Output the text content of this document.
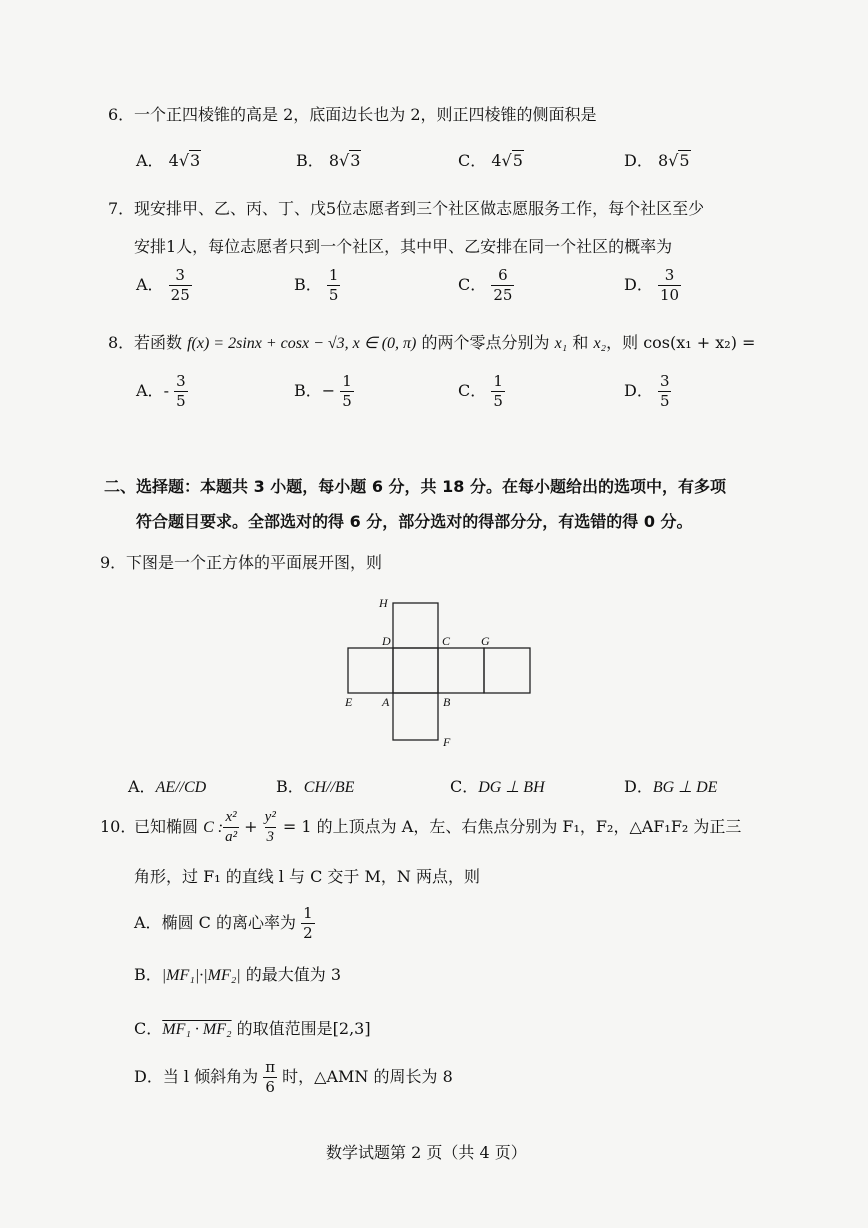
6．一个正四棱锥的高是 2，底面边长也为 2，则正四棱锥的侧面积是
A． 4√3	B． 8√3	C． 4√5	D． 8√5
7．现安排甲、乙、丙、丁、戊5位志愿者到三个社区做志愿服务工作，每个社区至少
安排1人，每位志愿者只到一个社区，其中甲、乙安排在同一个社区的概率为
A． $\frac{3}{25}$	B． $\frac{1}{5}$	C． $\frac{6}{25}$	D． $\frac{3}{10}$
8．若函数 f(x) = 2sinx + cosx − √3, x ∈ (0, π) 的两个零点分别为 x₁ 和 x₂，则 cos(x₁ + x₂) =
A．- $\frac{3}{5}$	B．− $\frac{1}{5}$	C． $\frac{1}{5}$	D． $\frac{3}{5}$
二、选择题：本题共 3 小题，每小题 6 分，共 18 分。在每小题给出的选项中，有多项
符合题目要求。全部选对的得 6 分，部分选对的得部分分，有选错的得 0 分。
9．下图是一个正方体的平面展开图，则
H
D	C	G
E A	B
F
A．AE//CD	B．CH//BE	C．DG ⊥ BH	D．BG ⊥ DE
10．已知椭圆 C : $\frac{\text{x²}}{\text{a²}} + \frac{\text{y²}}{3} = 1$ 的上顶点为 A，左、右焦点分别为 F₁，F₂，△AF₁F₂ 为正三
角形，过 F₁ 的直线 l 与 C 交于 M，N 两点，则
A．椭圆 C 的离心率为 $\frac{1}{2}$
B．|MF₁|·|MF₂| 的最大值为 3
C．MF₁ · MF₂ 的取值范围是[2,3]
D．当 l 倾斜角为 $\frac{\pi}{6}$ 时，△AMN 的周长为 8
数学试题第 2 页（共 4 页）
